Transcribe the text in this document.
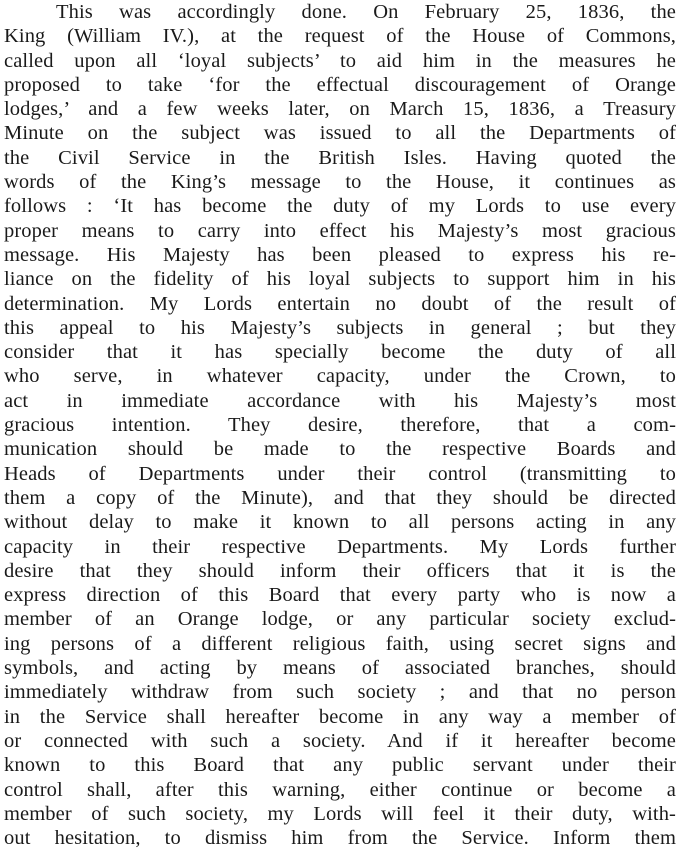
This was accordingly done. On February 25, 1836, the
King (William IV.), at the request of the House of Commons,
called upon all ‘loyal subjects’ to aid him in the measures he
proposed to take ‘for the effectual discouragement of Orange
lodges,’ and a few weeks later, on March 15, 1836, a Treasury
Minute on the subject was issued to all the Departments of
the Civil Service in the British Isles. Having quoted the
words of the King’s message to the House, it continues as
follows : ‘It has become the duty of my Lords to use every
proper means to carry into effect his Majesty’s most gracious
message. His Majesty has been pleased to express his re-
liance on the fidelity of his loyal subjects to support him in his
determination. My Lords entertain no doubt of the result of
this appeal to his Majesty’s subjects in general ; but they
consider that it has specially become the duty of all
who serve, in whatever capacity, under the Crown, to
act in immediate accordance with his Majesty’s most
gracious intention. They desire, therefore, that a com-
munication should be made to the respective Boards and
Heads of Departments under their control (transmitting to
them a copy of the Minute), and that they should be directed
without delay to make it known to all persons acting in any
capacity in their respective Departments. My Lords further
desire that they should inform their officers that it is the
express direction of this Board that every party who is now a
member of an Orange lodge, or any particular society exclud-
ing persons of a different religious faith, using secret signs and
symbols, and acting by means of associated branches, should
immediately withdraw from such society ; and that no person
in the Service shall hereafter become in any way a member of
or connected with such a society. And if it hereafter become
known to this Board that any public servant under their
control shall, after this warning, either continue or become a
member of such society, my Lords will feel it their duty, with-
out hesitation, to dismiss him from the Service. Inform them
